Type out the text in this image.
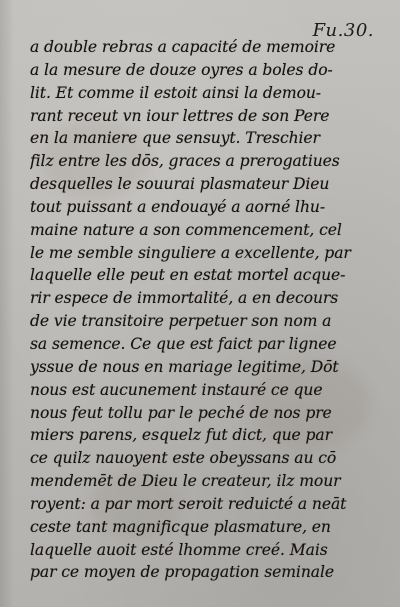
Fu.30.
a double rebras a capacité de memoire
a la mesure de douze oyres a boles do-
lit. Et comme il estoit ainsi la demou-
rant receut vn iour lettres de son Pere
en la maniere que sensuyt. Treschier
filz entre les dōs, graces a prerogatiues
desquelles le souurai plasmateur Dieu
tout puissant a endouayé a aorné lhu-
maine nature a son commencement, cel
le me semble singuliere a excellente, par
laquelle elle peut en estat mortel acque-
rir espece de immortalité, a en decours
de vie transitoire perpetuer son nom a
sa semence. Ce que est faict par lignee
yssue de nous en mariage legitime, Dōt
nous est aucunement instauré ce que
nous feut tollu par le peché de nos pre
miers parens, esquelz fut dict, que par
ce quilz nauoyent este obeyssans au cō
mendemēt de Dieu le createur, ilz mour
royent: a par mort seroit reduicté a neāt
ceste tant magnificque plasmature, en
laquelle auoit esté lhomme creé. Mais
par ce moyen de propagation seminale
